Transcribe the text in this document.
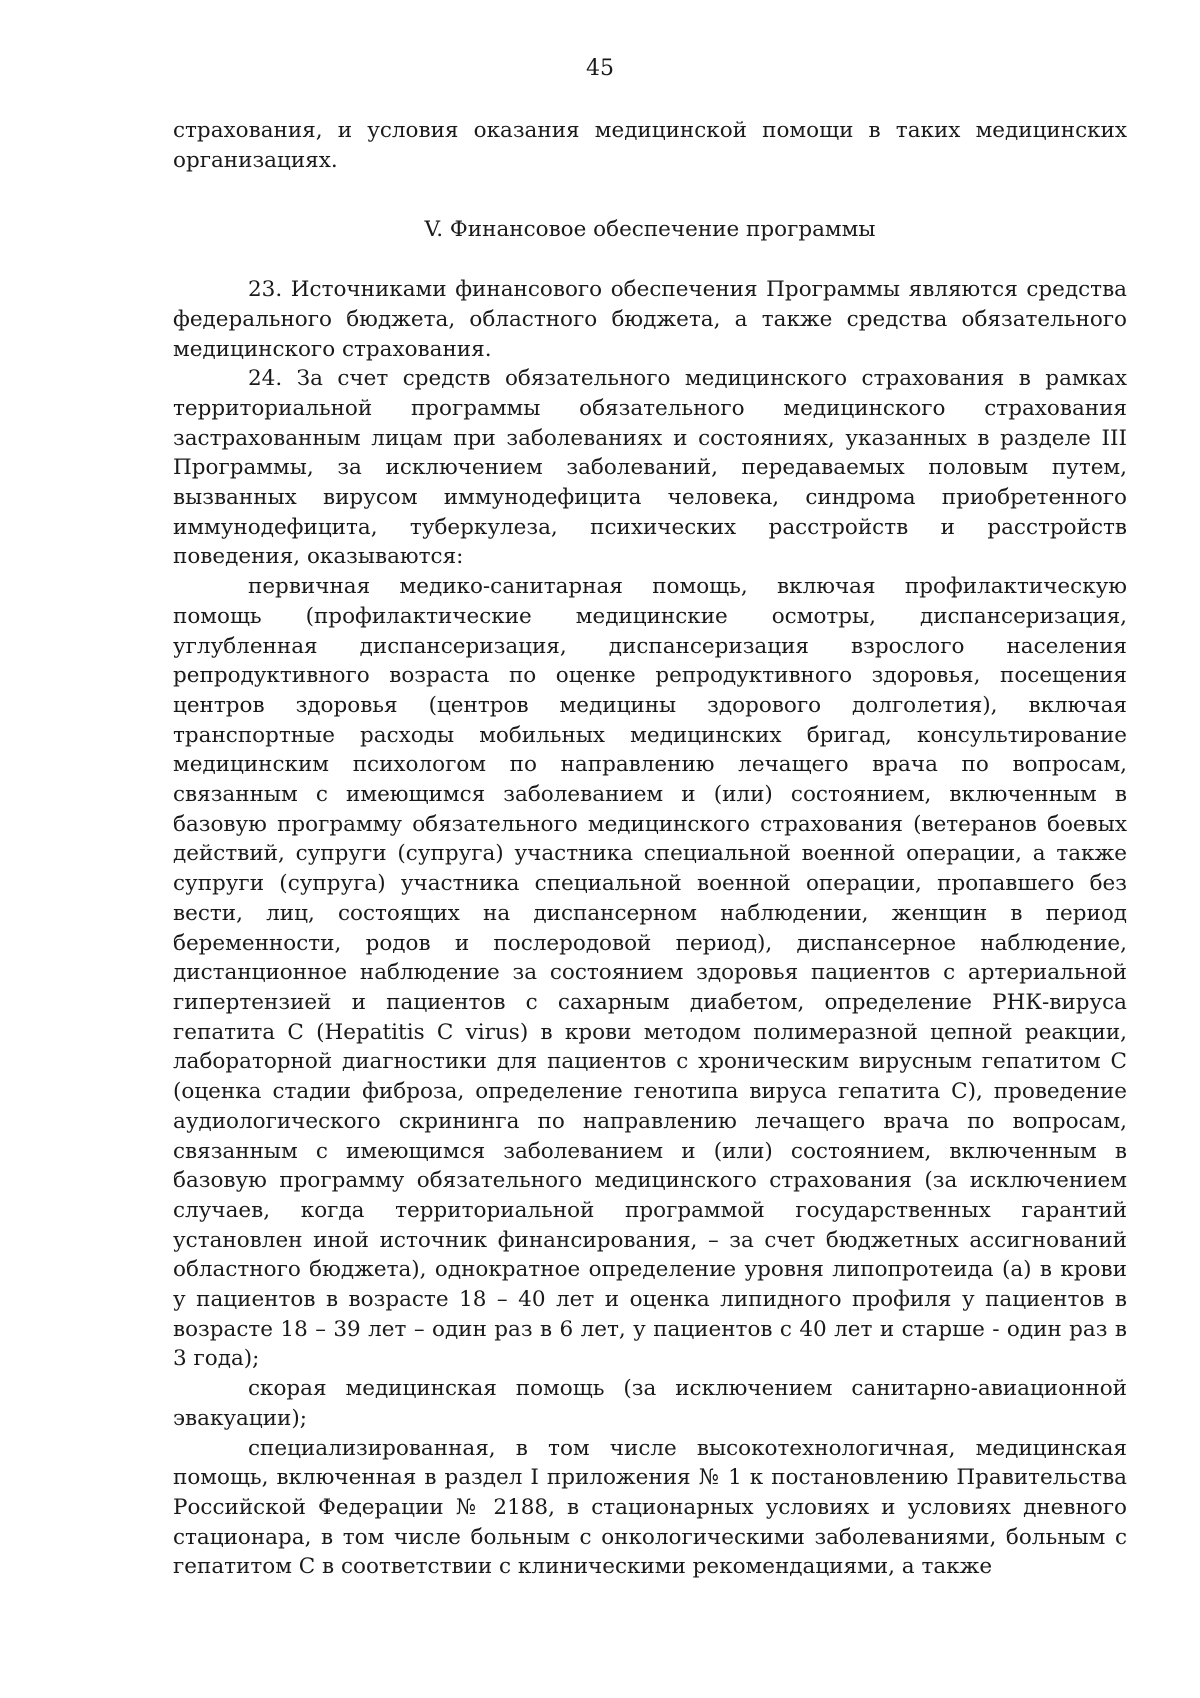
45

страхования, и условия оказания медицинской помощи в таких медицинских организациях.

V. Финансовое обеспечение программы

23. Источниками финансового обеспечения Программы являются средства федерального бюджета, областного бюджета, а также средства обязательного медицинского страхования.

24. За счет средств обязательного медицинского страхования в рамках территориальной программы обязательного медицинского страхования застрахованным лицам при заболеваниях и состояниях, указанных в разделе III Программы, за исключением заболеваний, передаваемых половым путем, вызванных вирусом иммунодефицита человека, синдрома приобретенного иммунодефицита, туберкулеза, психических расстройств и расстройств поведения, оказываются:

первичная медико-санитарная помощь, включая профилактическую помощь (профилактические медицинские осмотры, диспансеризация, углубленная диспансеризация, диспансеризация взрослого населения репродуктивного возраста по оценке репродуктивного здоровья, посещения центров здоровья (центров медицины здорового долголетия), включая транспортные расходы мобильных медицинских бригад, консультирование медицинским психологом по направлению лечащего врача по вопросам, связанным с имеющимся заболеванием и (или) состоянием, включенным в базовую программу обязательного медицинского страхования (ветеранов боевых действий, супруги (супруга) участника специальной военной операции, а также супруги (супруга) участника специальной военной операции, пропавшего без вести, лиц, состоящих на диспансерном наблюдении, женщин в период беременности, родов и послеродовой период), диспансерное наблюдение, дистанционное наблюдение за состоянием здоровья пациентов с артериальной гипертензией и пациентов с сахарным диабетом, определение РНК-вируса гепатита С (Hepatitis C virus) в крови методом полимеразной цепной реакции, лабораторной диагностики для пациентов с хроническим вирусным гепатитом С (оценка стадии фиброза, определение генотипа вируса гепатита С), проведение аудиологического скрининга по направлению лечащего врача по вопросам, связанным с имеющимся заболеванием и (или) состоянием, включенным в базовую программу обязательного медицинского страхования (за исключением случаев, когда территориальной программой государственных гарантий установлен иной источник финансирования, – за счет бюджетных ассигнований областного бюджета), однократное определение уровня липопротеида (а) в крови у пациентов в возрасте 18 – 40 лет и оценка липидного профиля у пациентов в возрасте 18 – 39 лет – один раз в 6 лет, у пациентов с 40 лет и старше - один раз в 3 года);

скорая медицинская помощь (за исключением санитарно-авиационной эвакуации);

специализированная, в том числе высокотехнологичная, медицинская помощь, включенная в раздел I приложения № 1 к постановлению Правительства Российской Федерации № 2188, в стационарных условиях и условиях дневного стационара, в том числе больным с онкологическими заболеваниями, больным с гепатитом С в соответствии с клиническими рекомендациями, а также
